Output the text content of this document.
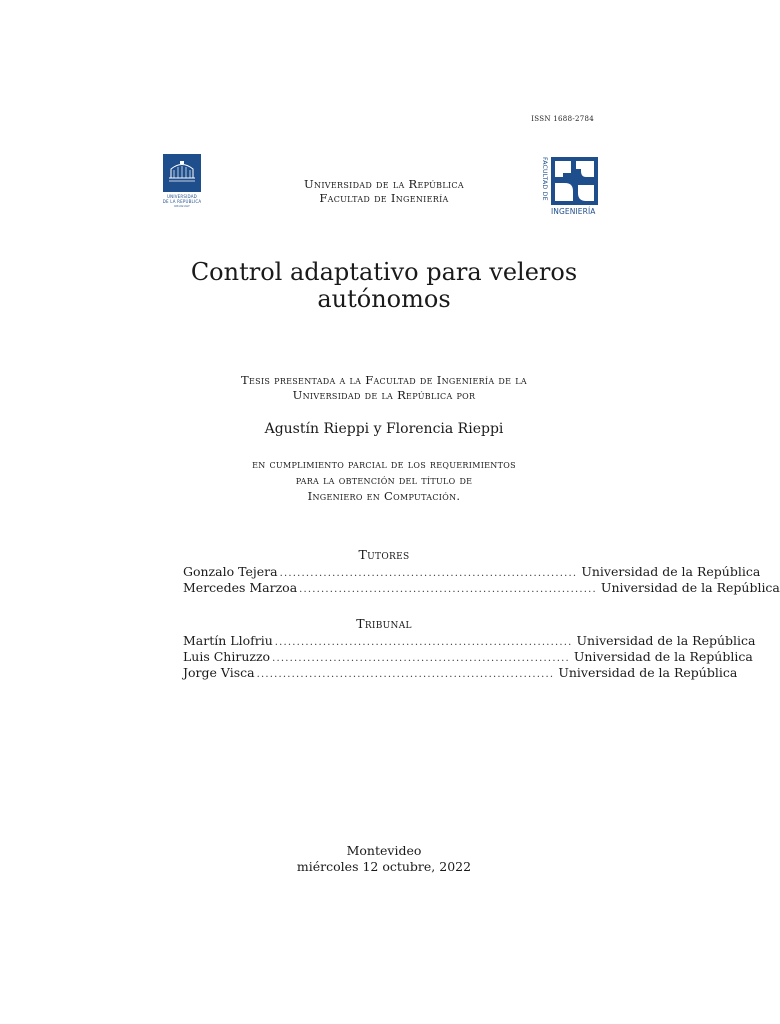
ISSN 1688-2784
UNIVERSIDAD
DE LA REPÚBLICA
URUGUAY
Universidad de la República
Facultad de Ingeniería	FACULTAD DE
INGENIERÍA
Control adaptativo para veleros
autónomos
Tesis presentada a la Facultad de Ingeniería de la
Universidad de la República por
Agustín Rieppi y Florencia Rieppi
en cumplimiento parcial de los requerimientos
para la obtención del título de
Ingeniero en Computación.
Tutores
Gonzalo Tejera .................................................................... Universidad de la República
Mercedes Marzoa .................................................................... Universidad de la República
Tribunal
Martín Llofriu .................................................................... Universidad de la República
Luis Chiruzzo .................................................................... Universidad de la República
Jorge Visca .................................................................... Universidad de la República
Montevideo
miércoles 12 octubre, 2022
